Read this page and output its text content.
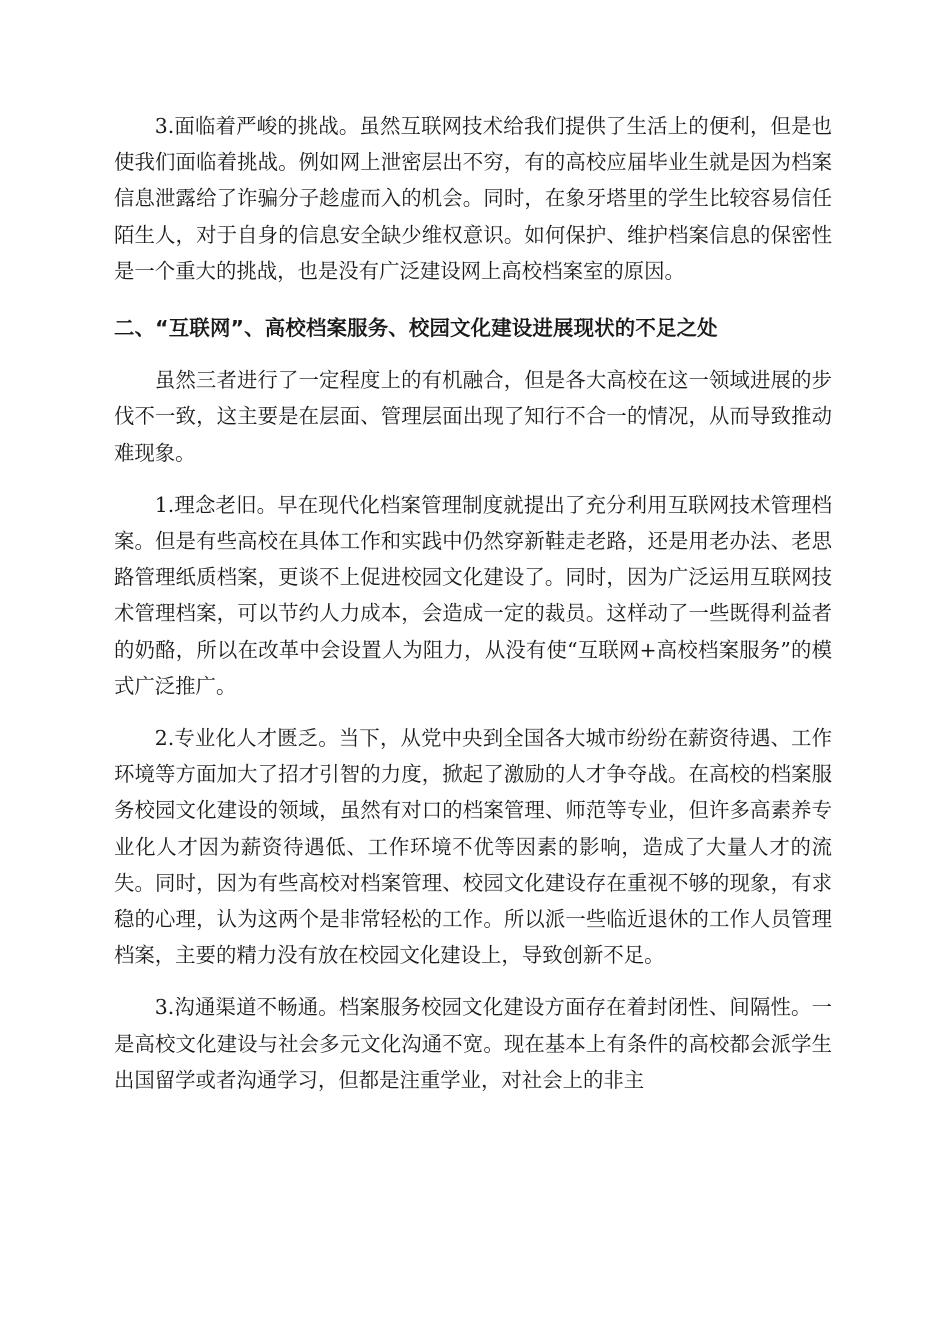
3.面临着严峻的挑战。虽然互联网技术给我们提供了生活上的便利，但是也使我们面临着挑战。例如网上泄密层出不穷，有的高校应届毕业生就是因为档案信息泄露给了诈骗分子趁虚而入的机会。同时，在象牙塔里的学生比较容易信任陌生人，对于自身的信息安全缺少维权意识。如何保护、维护档案信息的保密性是一个重大的挑战，也是没有广泛建设网上高校档案室的原因。

二、“互联网”、高校档案服务、校园文化建设进展现状的不足之处

虽然三者进行了一定程度上的有机融合，但是各大高校在这一领域进展的步伐不一致，这主要是在层面、管理层面出现了知行不合一的情况，从而导致推动难现象。

1.理念老旧。早在现代化档案管理制度就提出了充分利用互联网技术管理档案。但是有些高校在具体工作和实践中仍然穿新鞋走老路，还是用老办法、老思路管理纸质档案，更谈不上促进校园文化建设了。同时，因为广泛运用互联网技术管理档案，可以节约人力成本，会造成一定的裁员。这样动了一些既得利益者的奶酪，所以在改革中会设置人为阻力，从没有使“互联网+高校档案服务”的模式广泛推广。

2.专业化人才匮乏。当下，从党中央到全国各大城市纷纷在薪资待遇、工作环境等方面加大了招才引智的力度，掀起了激励的人才争夺战。在高校的档案服务校园文化建设的领域，虽然有对口的档案管理、师范等专业，但许多高素养专业化人才因为薪资待遇低、工作环境不优等因素的影响，造成了大量人才的流失。同时，因为有些高校对档案管理、校园文化建设存在重视不够的现象，有求稳的心理，认为这两个是非常轻松的工作。所以派一些临近退休的工作人员管理档案，主要的精力没有放在校园文化建设上，导致创新不足。

3.沟通渠道不畅通。档案服务校园文化建设方面存在着封闭性、间隔性。一是高校文化建设与社会多元文化沟通不宽。现在基本上有条件的高校都会派学生出国留学或者沟通学习，但都是注重学业，对社会上的非主
